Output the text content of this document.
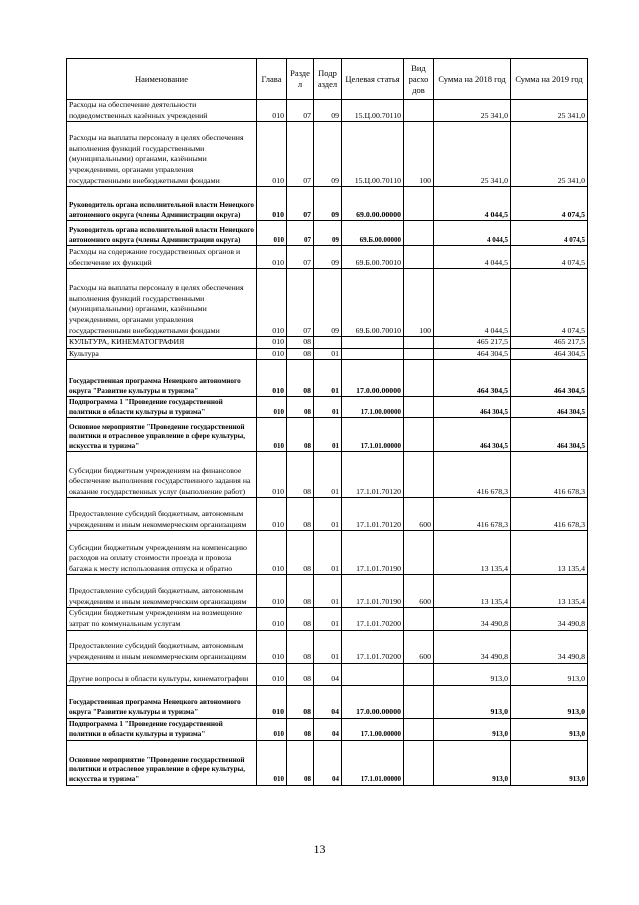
Наименование	Глава	Разде л	Подр аздел	Целевая статья	Вид расхо дов	Сумма на 2018 год	Сумма на 2019 год
Расходы на обеспечение деятельности подведомственных казённых учреждений	010	07	09	15.Ц.00.70110		25 341,0	25 341,0
Расходы на выплаты персоналу в целях обеспечения выполнения функций государственными (муниципальными) органами, казёнными учреждениями, органами управления государственными внебюджетными фондами	010	07	09	15.Ц.00.70110	100	25 341,0	25 341,0
Руководитель органа исполнительной власти Ненецкого автономного округа (члены Администрации округа)	010	07	09	69.0.00.00000		4 044,5	4 074,5
Руководитель органа исполнительной власти Ненецкого автономного округа (члены Администрации округа)	010	07	09	69.Б.00.00000		4 044,5	4 074,5
Расходы на содержание государственных органов и обеспечение их функций	010	07	09	69.Б.00.70010		4 044,5	4 074,5
Расходы на выплаты персоналу в целях обеспечения выполнения функций государственными (муниципальными) органами, казёнными учреждениями, органами управления государственными внебюджетными фондами	010	07	09	69.Б.00.70010	100	4 044,5	4 074,5
КУЛЬТУРА, КИНЕМАТОГРАФИЯ	010	08				465 217,5	465 217,5
Культура	010	08	01			464 304,5	464 304,5
Государственная программа Ненецкого автономного округа "Развитие культуры и туризма"	010	08	01	17.0.00.00000		464 304,5	464 304,5
Подпрограмма 1 "Проведение государственной политики в области культуры и туризма"	010	08	01	17.1.00.00000		464 304,5	464 304,5
Основное мероприятие "Проведение государственной политики и отраслевое управление в сфере культуры, искусства и туризма"	010	08	01	17.1.01.00000		464 304,5	464 304,5
Субсидии бюджетным учреждениям на финансовое обеспечение выполнения государственного задания на оказание государственных услуг (выполнение работ)	010	08	01	17.1.01.70120		416 678,3	416 678,3
Предоставление субсидий бюджетным, автономным учреждениям и иным некоммерческим организациям	010	08	01	17.1.01.70120	600	416 678,3	416 678,3
Субсидии бюджетным учреждениям на компенсацию расходов на оплату стоимости проезда и провоза багажа к месту использования отпуска и обратно	010	08	01	17.1.01.70190		13 135,4	13 135,4
Предоставление субсидий бюджетным, автономным учреждениям и иным некоммерческим организациям	010	08	01	17.1.01.70190	600	13 135,4	13 135,4
Субсидии бюджетным учреждениям на возмещение затрат по коммунальным услугам	010	08	01	17.1.01.70200		34 490,8	34 490,8
Предоставление субсидий бюджетным, автономным учреждениям и иным некоммерческим организациям	010	08	01	17.1.01.70200	600	34 490,8	34 490,8
Другие вопросы в области культуры, кинематографии	010	08	04			913,0	913,0
Государственная программа Ненецкого автономного округа "Развитие культуры и туризма"	010	08	04	17.0.00.00000		913,0	913,0
Подпрограмма 1 "Проведение государственной политики в области культуры и туризма"	010	08	04	17.1.00.00000		913,0	913,0
Основное мероприятие "Проведение государственной политики и отраслевое управление в сфере культуры, искусства и туризма"	010	08	04	17.1.01.00000		913,0	913,0
13
